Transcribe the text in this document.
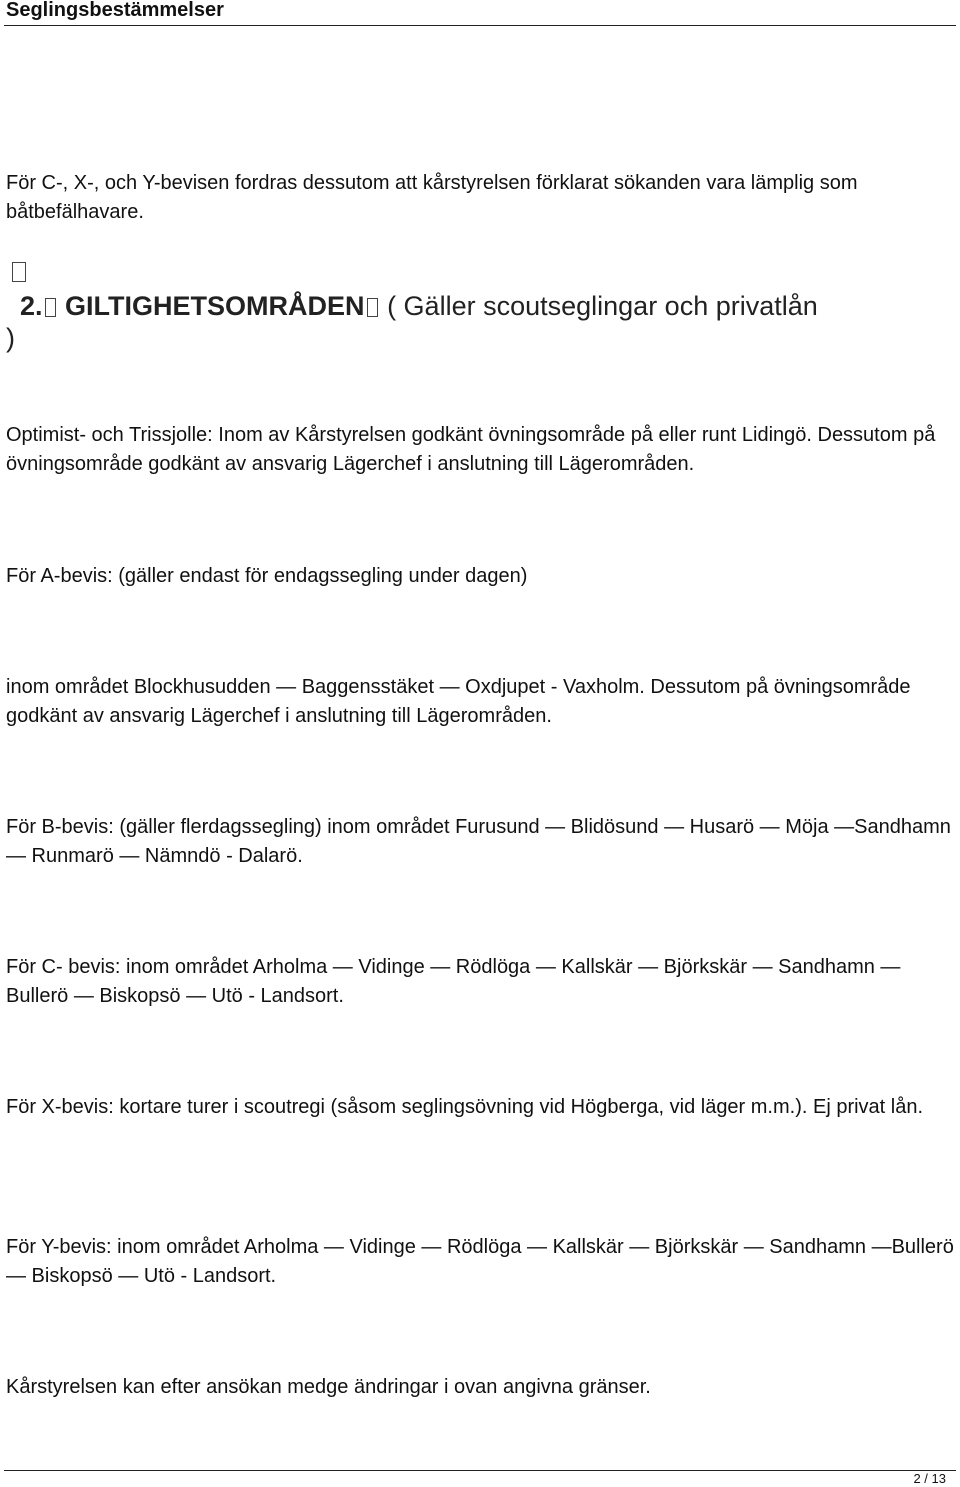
Seglingsbestämmelser

För C-, X-, och Y-bevisen fordras dessutom att kårstyrelsen förklarat sökanden vara lämplig som båtbefälhavare.

2. GILTIGHETSOMRÅDEN ( Gäller scoutseglingar och privatlån
)

Optimist- och Trissjolle: Inom av Kårstyrelsen godkänt övningsområde på eller runt Lidingö. Dessutom på övningsområde godkänt av ansvarig Lägerchef i anslutning till Lägerområden.

För A-bevis: (gäller endast för endagssegling under dagen)

inom området Blockhusudden — Baggensstäket — Oxdjupet - Vaxholm. Dessutom på övningsområde godkänt av ansvarig Lägerchef i anslutning till Lägerområden.

För B-bevis: (gäller flerdagssegling) inom området Furusund — Blidösund — Husarö — Möja —Sandhamn — Runmarö — Nämndö - Dalarö.

För C- bevis: inom området Arholma — Vidinge — Rödlöga — Kallskär — Björkskär — Sandhamn —Bullerö — Biskopsö — Utö - Landsort.

För X-bevis: kortare turer i scoutregi (såsom seglingsövning vid Högberga, vid läger m.m.). Ej privat lån.

För Y-bevis: inom området Arholma — Vidinge — Rödlöga — Kallskär — Björkskär — Sandhamn —Bullerö — Biskopsö — Utö - Landsort.

Kårstyrelsen kan efter ansökan medge ändringar i ovan angivna gränser.

2 / 13
